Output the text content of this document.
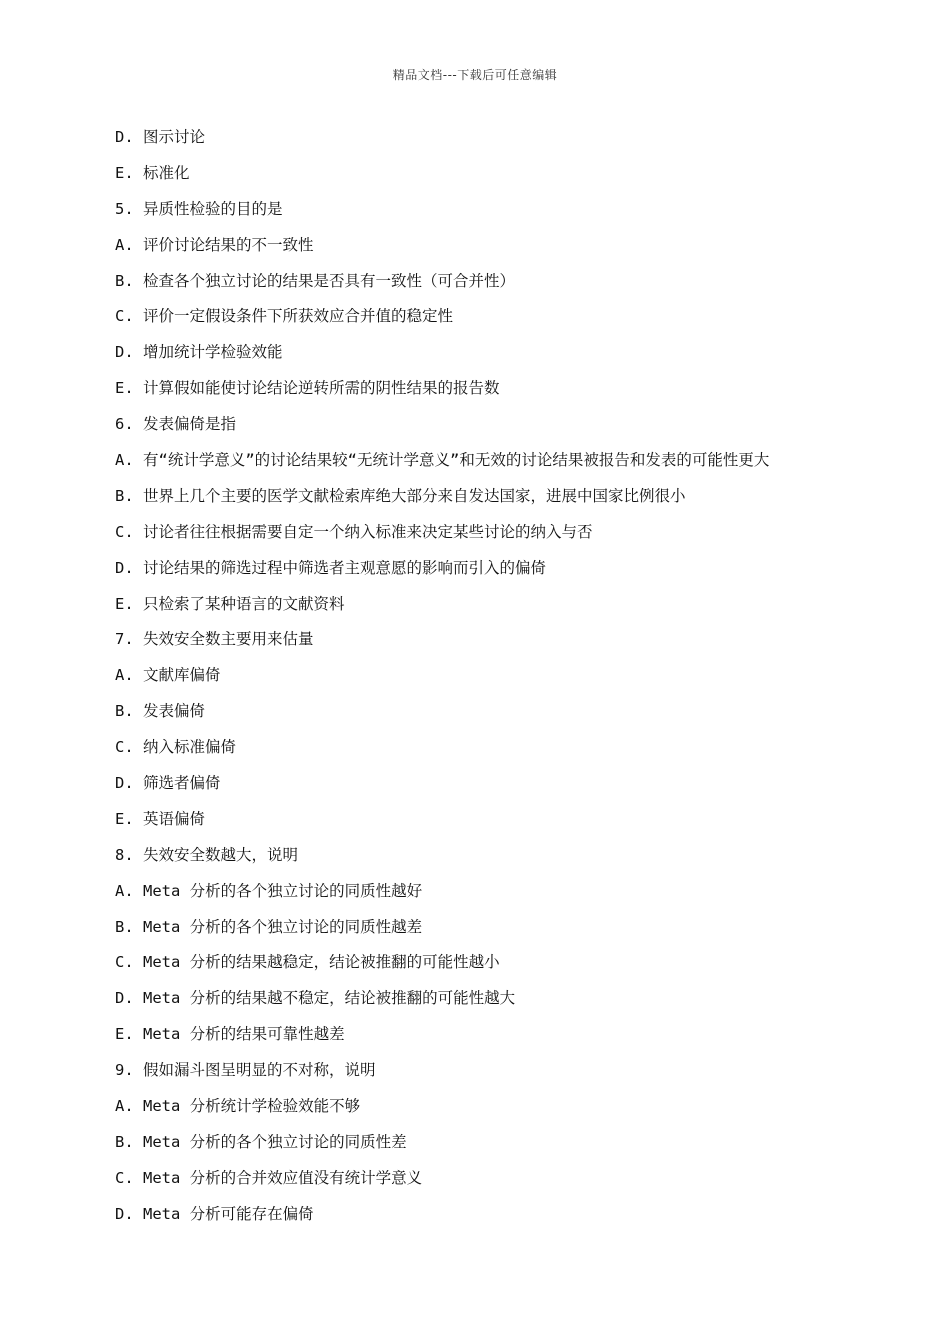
精品文档---下载后可任意编辑
D. 图示讨论
E. 标准化
5. 异质性检验的目的是
A. 评价讨论结果的不一致性
B. 检查各个独立讨论的结果是否具有一致性（可合并性）
C. 评价一定假设条件下所获效应合并值的稳定性
D. 增加统计学检验效能
E. 计算假如能使讨论结论逆转所需的阴性结果的报告数
6. 发表偏倚是指
A. 有“统计学意义”的讨论结果较“无统计学意义”和无效的讨论结果被报告和发表的可能性更大
B. 世界上几个主要的医学文献检索库绝大部分来自发达国家，进展中国家比例很小
C. 讨论者往往根据需要自定一个纳入标准来决定某些讨论的纳入与否
D. 讨论结果的筛选过程中筛选者主观意愿的影响而引入的偏倚
E. 只检索了某种语言的文献资料
7. 失效安全数主要用来估量
A. 文献库偏倚
B. 发表偏倚
C. 纳入标准偏倚
D. 筛选者偏倚
E. 英语偏倚
8. 失效安全数越大，说明
A. Meta 分析的各个独立讨论的同质性越好
B. Meta 分析的各个独立讨论的同质性越差
C. Meta 分析的结果越稳定，结论被推翻的可能性越小
D. Meta 分析的结果越不稳定，结论被推翻的可能性越大
E. Meta 分析的结果可靠性越差
9. 假如漏斗图呈明显的不对称，说明
A. Meta 分析统计学检验效能不够
B. Meta 分析的各个独立讨论的同质性差
C. Meta 分析的合并效应值没有统计学意义
D. Meta 分析可能存在偏倚
